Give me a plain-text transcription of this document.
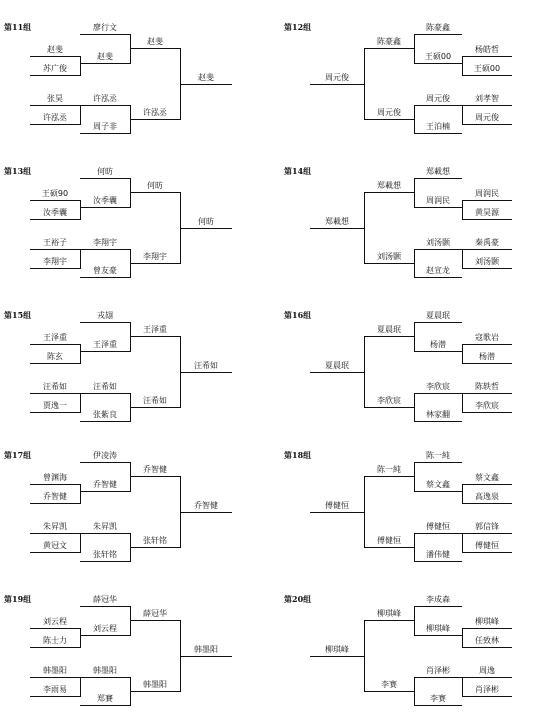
第11组
赵斐
苏广俊
张昊
许泓丞
廖行文
赵斐
许泓丞
周子非
赵斐
许泓丞
赵斐
第12组
杨皓哲
王硕00
刘孝智
周元俊
陈豪鑫
王硕00
周元俊
王泊楠
陈豪鑫
周元俊
周元俊
第13组
王硕90
汝季囊
王裕子
李翔宇
何昉
汝季囊
李翔宇
曾友豪
何昉
李翔宇
何昉
第14组
周润民
黄昊源
秦禹豪
刘汤颢
郑載想
周润民
刘汤颢
赵宣龙
郑載想
刘汤颢
郑載想
第15组
王泽重
陈玄
汪希如
贾逸一
戎翃
王泽重
汪希如
张紫良
王泽重
汪希如
汪希如
第16组
寇歌岩
杨潜
陈轶哲
李欣宸
夏晨珉
杨潜
李欣宸
林家翻
夏晨珉
李欣宸
夏晨珉
第17组
曾渊海
乔智健
朱昇凯
黄冠文
伊凌涛
乔智健
朱昇凯
张轩铭
乔智健
张轩铭
乔智健
第18组
蔡文鑫
高逸泉
郭信锋
傅健恒
陈一純
蔡文鑫
傅健恒
潘伟健
陈一純
傅健恒
傅健恒
第19组
刘云程
陈士力
韩墨阳
李雨易
薛冠华
刘云程
韩墨阳
郑賽
薛冠华
韩墨阳
韩墨阳
第20组
柳琪峰
任致林
周逸
肖泽彬
李成森
柳琪峰
肖泽彬
李赛
柳琪峰
李赛
柳琪峰
